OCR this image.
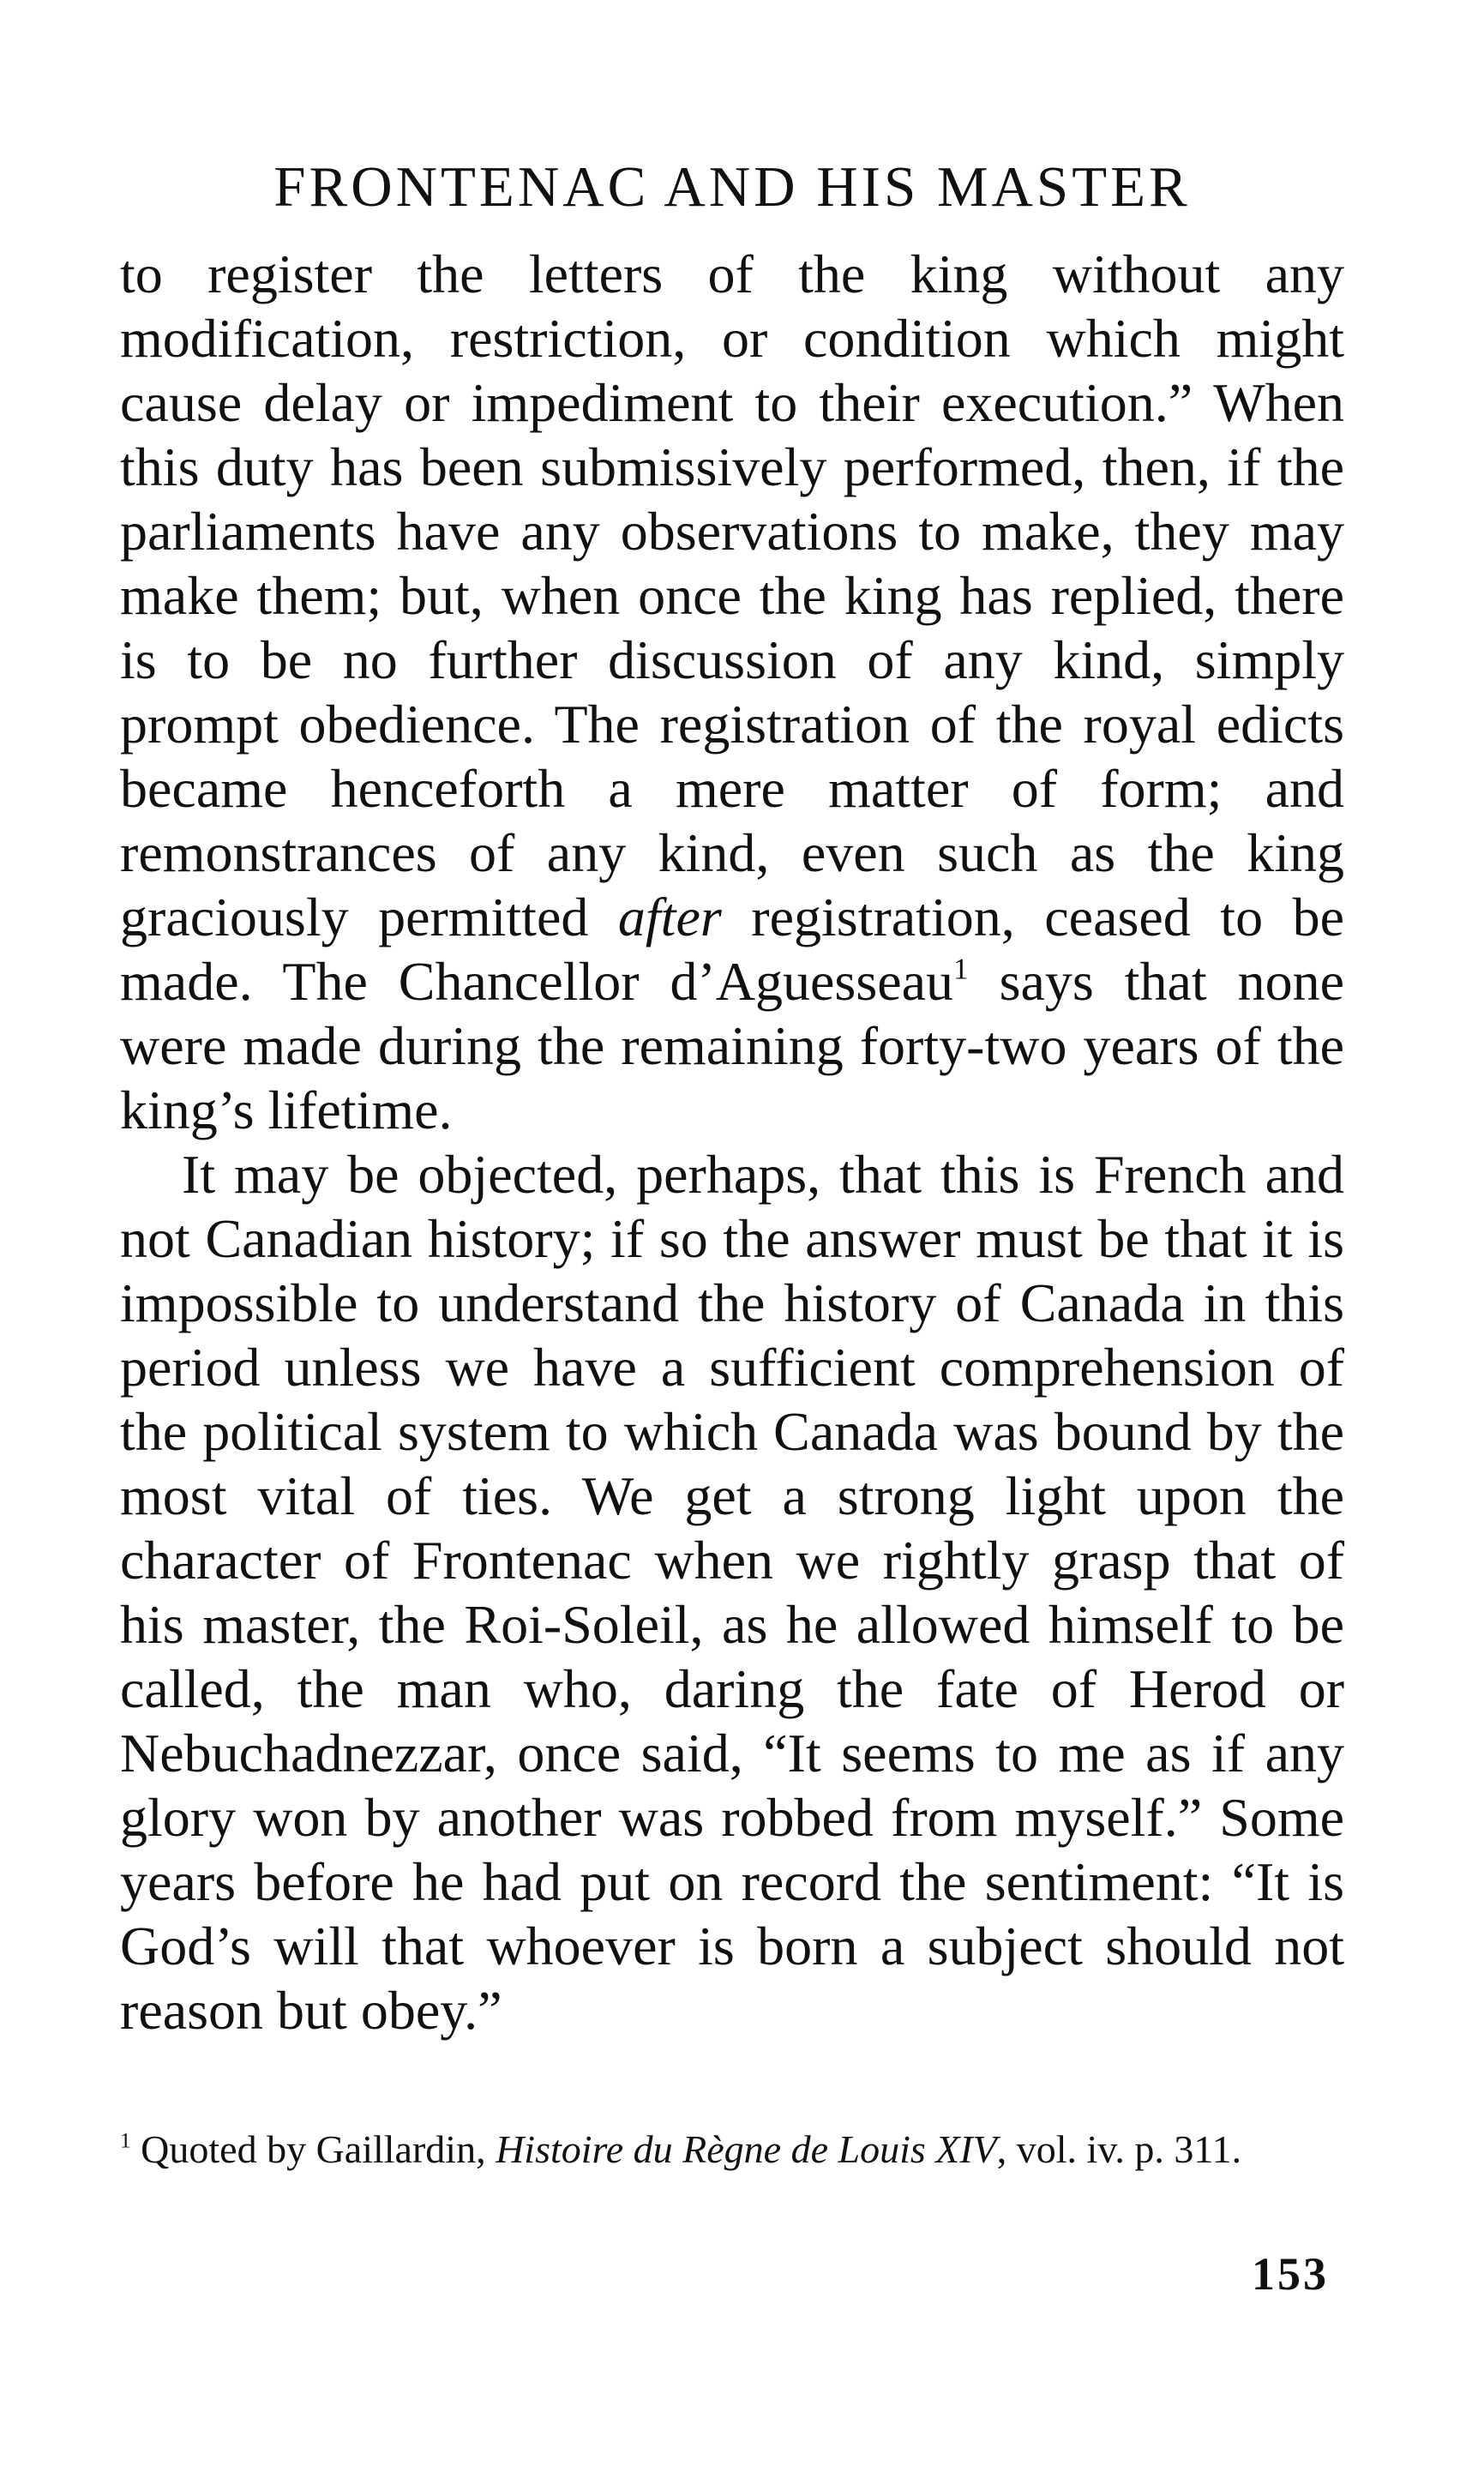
FRONTENAC AND HIS MASTER

to register the letters of the king without any modification, restriction, or condition which might cause delay or impediment to their execution.” When this duty has been submissively performed, then, if the parliaments have any observations to make, they may make them; but, when once the king has replied, there is to be no further discussion of any kind, simply prompt obedience. The registration of the royal edicts became henceforth a mere matter of form; and remonstrances of any kind, even such as the king graciously permitted after registration, ceased to be made. The Chancellor d’Aguesseau$^1$ says that none were made during the remaining forty-two years of the king’s lifetime.

It may be objected, perhaps, that this is French and not Canadian history; if so the answer must be that it is impossible to understand the history of Canada in this period unless we have a sufficient comprehension of the political system to which Canada was bound by the most vital of ties. We get a strong light upon the character of Frontenac when we rightly grasp that of his master, the Roi-Soleil, as he allowed himself to be called, the man who, daring the fate of Herod or Nebuchadnezzar, once said, “It seems to me as if any glory won by another was robbed from myself.” Some years before he had put on record the sentiment: “It is God’s will that whoever is born a subject should not reason but obey.”

$^1$ Quoted by Gaillardin, Histoire du Règne de Louis XIV, vol. iv. p. 311.
153
